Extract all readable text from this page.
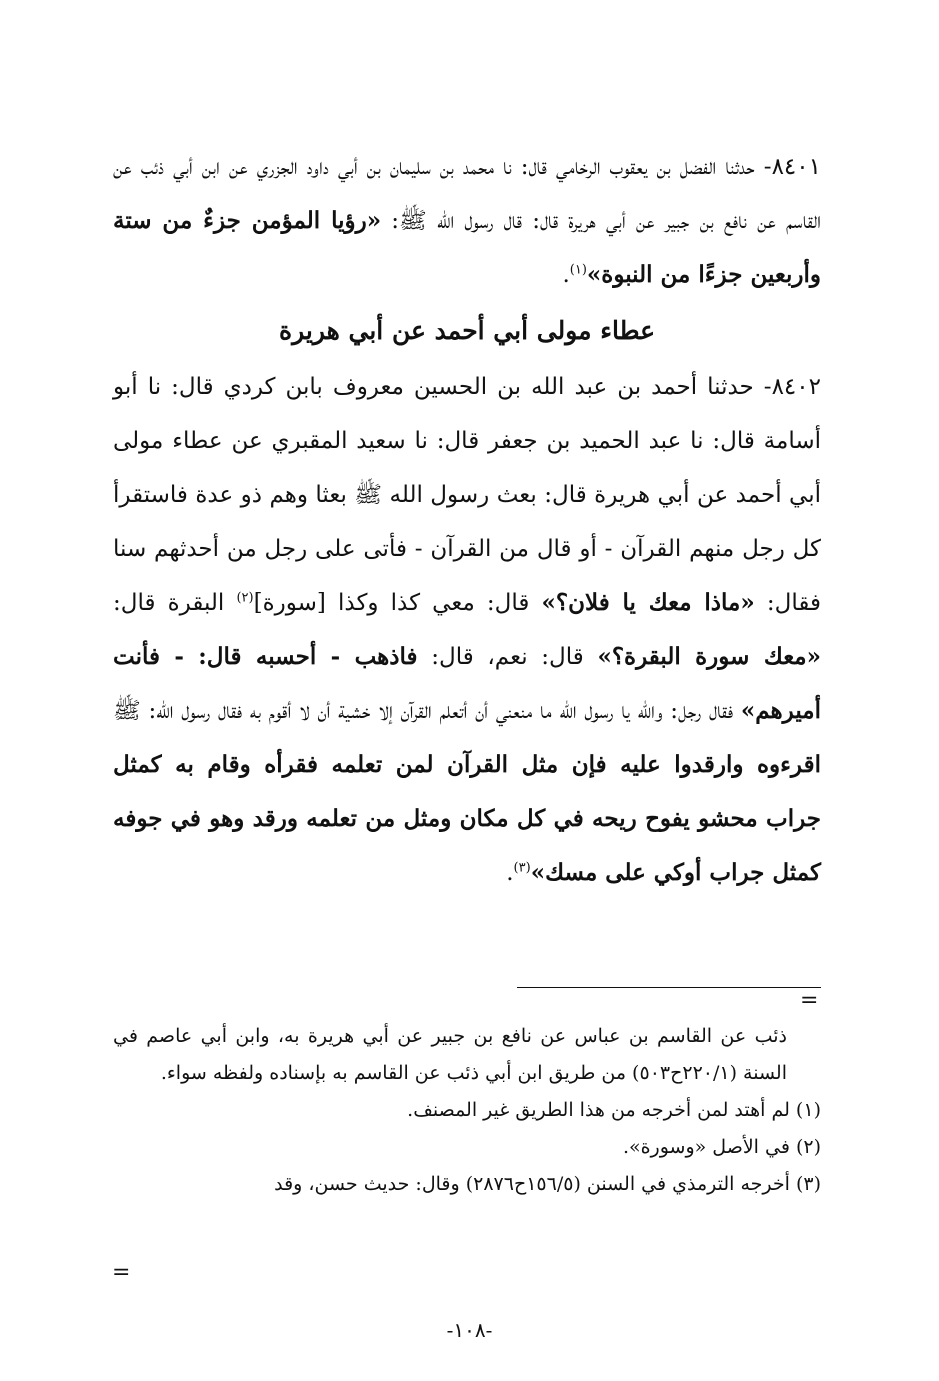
٨٤٠١- حدثنا الفضل بن يعقوب الرخامي قال: نا محمد بن سليمان بن أبي داود الجزري عن ابن أبي ذئب عن القاسم عن نافع بن جبير عن أبي هريرة قال: قال رسول الله ﷺ: «رؤيا المؤمن جزءٌ من ستة وأربعين جزءًا من النبوة»$^{(١)}$.

عطاء مولى أبي أحمد عن أبي هريرة

٨٤٠٢- حدثنا أحمد بن عبد الله بن الحسين معروف بابن كردي قال: نا أبو أسامة قال: نا عبد الحميد بن جعفر قال: نا سعيد المقبري عن عطاء مولى أبي أحمد عن أبي هريرة قال: بعث رسول الله ﷺ بعثا وهم ذو عدة فاستقرأ كل رجل منهم القرآن - أو قال من القرآن - فأتى على رجل من أحدثهم سنا فقال: «ماذا معك يا فلان؟» قال: معي كذا وكذا [سورة]$^{(٢)}$ البقرة قال: «معك سورة البقرة؟» قال: نعم، قال: فاذهب - أحسبه قال: - فأنت أميرهم» فقال رجل: والله يا رسول الله ما منعني أن أتعلم القرآن إلا خشية أن لا أقوم به فقال رسول الله: ﷺ اقرءوه وارقدوا عليه فإن مثل القرآن لمن تعلمه فقرأه وقام به كمثل جراب محشو يفوح ريحه في كل مكان ومثل من تعلمه ورقد وهو في جوفه كمثل جراب أوكي على مسك»$^{(٣)}$.

=

ذئب عن القاسم بن عباس عن نافع بن جبير عن أبي هريرة به، وابن أبي عاصم في السنة (٢٢٠/١ح٥٠٣) من طريق ابن أبي ذئب عن القاسم به بإسناده ولفظه سواء.

(١) لم أهتد لمن أخرجه من هذا الطريق غير المصنف.

(٢) في الأصل «وسورة».

(٣) أخرجه الترمذي في السنن (١٥٦/٥ح٢٨٧٦) وقال: حديث حسن، وقد

=
-١٠٨-
